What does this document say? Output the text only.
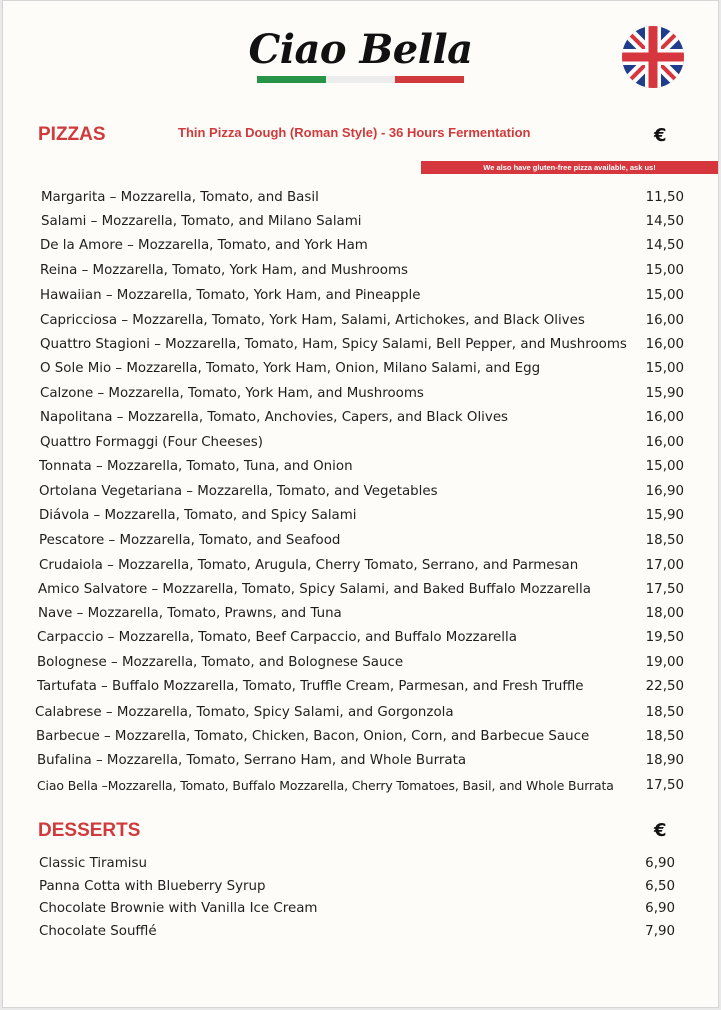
Ciao Bella
PIZZAS	Thin Pizza Dough (Roman Style) - 36 Hours Fermentation	€
We also have gluten-free pizza available, ask us!
Margarita – Mozzarella, Tomato, and Basil	11,50
Salami – Mozzarella, Tomato, and Milano Salami	14,50
De la Amore – Mozzarella, Tomato, and York Ham	14,50
Reina – Mozzarella, Tomato, York Ham, and Mushrooms	15,00
Hawaiian – Mozzarella, Tomato, York Ham, and Pineapple	15,00
Capricciosa – Mozzarella, Tomato, York Ham, Salami, Artichokes, and Black Olives	16,00
Quattro Stagioni – Mozzarella, Tomato, Ham, Spicy Salami, Bell Pepper, and Mushrooms 16,00
O Sole Mio – Mozzarella, Tomato, York Ham, Onion, Milano Salami, and Egg	15,00
Calzone – Mozzarella, Tomato, York Ham, and Mushrooms	15,90
Napolitana – Mozzarella, Tomato, Anchovies, Capers, and Black Olives	16,00
Quattro Formaggi (Four Cheeses)	16,00
Tonnata – Mozzarella, Tomato, Tuna, and Onion	15,00
Ortolana Vegetariana – Mozzarella, Tomato, and Vegetables	16,90
Diávola – Mozzarella, Tomato, and Spicy Salami	15,90
Pescatore – Mozzarella, Tomato, and Seafood	18,50
Crudaiola – Mozzarella, Tomato, Arugula, Cherry Tomato, Serrano, and Parmesan	17,00
Amico Salvatore – Mozzarella, Tomato, Spicy Salami, and Baked Buffalo Mozzarella	17,50
Nave – Mozzarella, Tomato, Prawns, and Tuna	18,00
Carpaccio – Mozzarella, Tomato, Beef Carpaccio, and Buffalo Mozzarella	19,50
Bolognese – Mozzarella, Tomato, and Bolognese Sauce	19,00
Tartufata – Buffalo Mozzarella, Tomato, Truffle Cream, Parmesan, and Fresh Truffle	22,50
Calabrese – Mozzarella, Tomato, Spicy Salami, and Gorgonzola	18,50
Barbecue – Mozzarella, Tomato, Chicken, Bacon, Onion, Corn, and Barbecue Sauce	18,50
Bufalina – Mozzarella, Tomato, Serrano Ham, and Whole Burrata	18,90
Ciao Bella –Mozzarella, Tomato, Buffalo Mozzarella, Cherry Tomatoes, Basil, and Whole Burrata 17,50
DESSERTS	€
Classic Tiramisu	6,90
Panna Cotta with Blueberry Syrup	6,50
Chocolate Brownie with Vanilla Ice Cream	6,90
Chocolate Soufflé	7,90
